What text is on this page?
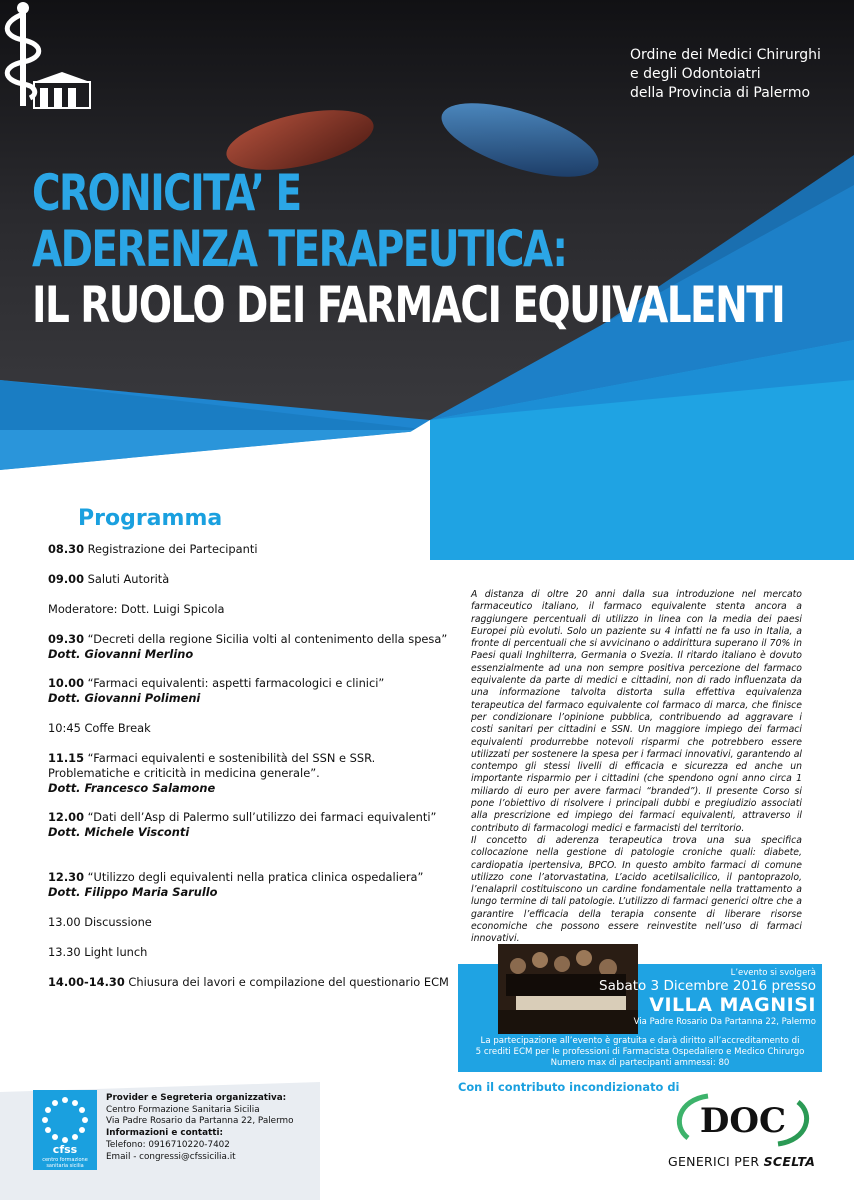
Ordine dei Medici Chirurghi
e degli Odontoiatri
della Provincia di Palermo
CRONICITA’ E
ADERENZA TERAPEUTICA:
IL RUOLO DEI FARMACI EQUIVALENTI
Programma
08.30 Registrazione dei Partecipanti
09.00 Saluti Autorità
Moderatore: Dott. Luigi Spicola
09.30 “Decreti della regione Sicilia volti al contenimento della spesa”
Dott. Giovanni Merlino
10.00 “Farmaci equivalenti: aspetti farmacologici e clinici”
Dott. Giovanni Polimeni
10:45 Coffe Break
11.15 “Farmaci equivalenti e sostenibilità del SSN e SSR.
Problematiche e criticità in medicina generale”.
Dott. Francesco Salamone
12.00 “Dati dell’Asp di Palermo sull’utilizzo dei farmaci equivalenti”
Dott. Michele Visconti
12.30 “Utilizzo degli equivalenti nella pratica clinica ospedaliera”
Dott. Filippo Maria Sarullo
13.00 Discussione
13.30 Light lunch
14.00-14.30 Chiusura dei lavori e compilazione del questionario ECM

A distanza di oltre 20 anni dalla sua introduzione nel mercato farmaceutico italiano, il farmaco equivalente stenta ancora a raggiungere percentuali di utilizzo in linea con la media dei paesi Europei più evoluti. Solo un paziente su 4 infatti ne fa uso in Italia, a fronte di percentuali che si avvicinano o addirittura superano il 70% in Paesi quali Inghilterra, Germania o Svezia. Il ritardo italiano è dovuto essenzialmente ad una non sempre positiva percezione del farmaco equivalente da parte di medici e cittadini, non di rado influenzata da una informazione talvolta distorta sulla effettiva equivalenza terapeutica del farmaco equivalente col farmaco di marca, che finisce per condizionare l’opinione pubblica, contribuendo ad aggravare i costi sanitari per cittadini e SSN. Un maggiore impiego dei farmaci equivalenti produrrebbe notevoli risparmi che potrebbero essere utilizzati per sostenere la spesa per i farmaci innovativi, garantendo al contempo gli stessi livelli di efficacia e sicurezza ed anche un importante risparmio per i cittadini (che spendono ogni anno circa 1 miliardo di euro per avere farmaci “branded”). Il presente Corso si pone l’obiettivo di risolvere i principali dubbi e pregiudizio associati alla prescrizione ed impiego dei farmaci equivalenti, attraverso il contributo di farmacologi medici e farmacisti del territorio.

Il concetto di aderenza terapeutica trova una sua specifica collocazione nella gestione di patologie croniche quali: diabete, cardiopatia ipertensiva, BPCO. In questo ambito farmaci di comune utilizzo cone l’atorvastatina, L’acido acetilsalicilico, il pantoprazolo, l’enalapril costituiscono un cardine fondamentale nella trattamento a lungo termine di tali patologie. L’utilizzo di farmaci generici oltre che a garantire l’efficacia della terapia consente di liberare risorse economiche che possono essere reinvestite nell’uso di farmaci innovativi.

L’evento si svolgerà
Sabato 3 Dicembre 2016 presso
VILLA MAGNISI
Via Padre Rosario Da Partanna 22, Palermo
La partecipazione all’evento è gratuita e darà diritto all’accreditamento di
5 crediti ECM per le professioni di Farmacista Ospedaliero e Medico Chirurgo
Numero max di partecipanti ammessi: 80
cfss
centro formazione
sanitaria sicilia
Provider e Segreteria organizzativa:
Centro Formazione Sanitaria Sicilia
Via Padre Rosario da Partanna 22, Palermo
Informazioni e contatti:
Telefono: 0916710220-7402
Email - congressi@cfssicilia.it
Con il contributo incondizionato di
DOC
GENERICI PER SCELTA
